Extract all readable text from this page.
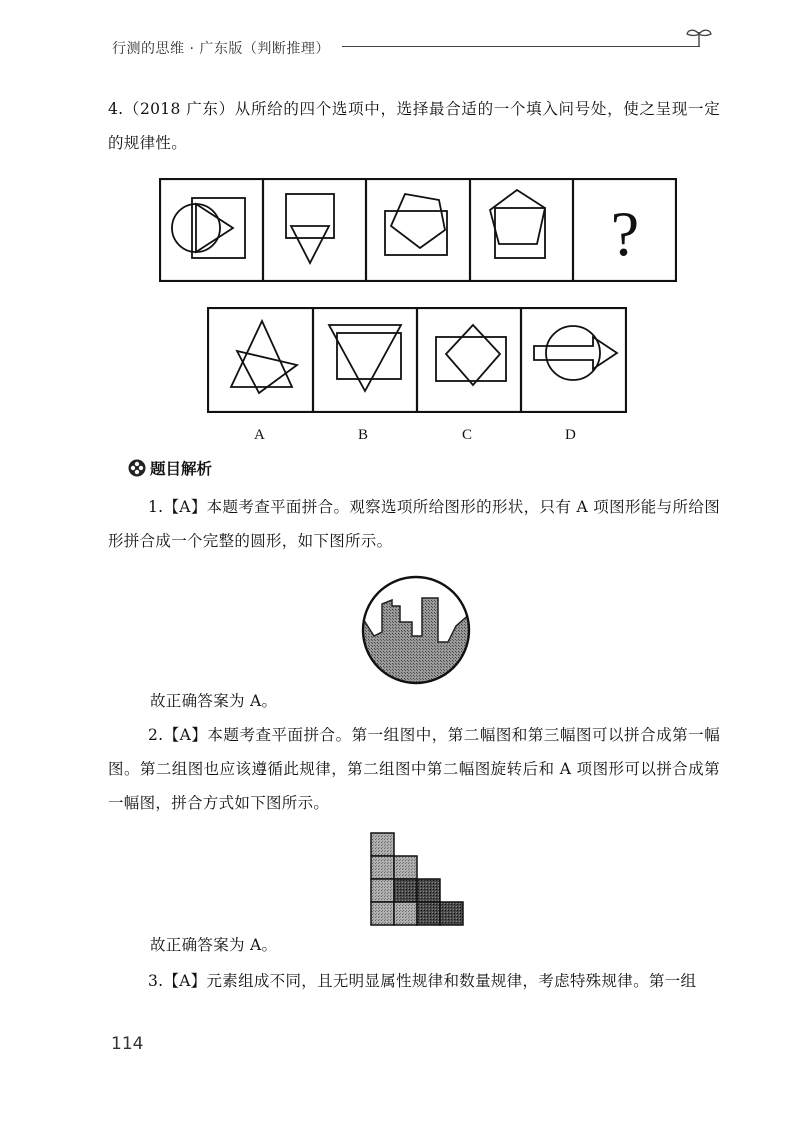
行测的思维 · 广东版（判断推理）

4.（2018 广东）从所给的四个选项中，选择最合适的一个填入问号处，使之呈现一定的规律性。

?
A	B	C	D
题目解析

1.【A】本题考查平面拼合。观察选项所给图形的形状，只有 A 项图形能与所给图形拼合成一个完整的圆形，如下图所示。

故正确答案为 A。

2.【A】本题考查平面拼合。第一组图中，第二幅图和第三幅图可以拼合成第一幅图。第二组图也应该遵循此规律，第二组图中第二幅图旋转后和 A 项图形可以拼合成第一幅图，拼合方式如下图所示。

故正确答案为 A。

3.【A】元素组成不同，且无明显属性规律和数量规律，考虑特殊规律。第一组

114
